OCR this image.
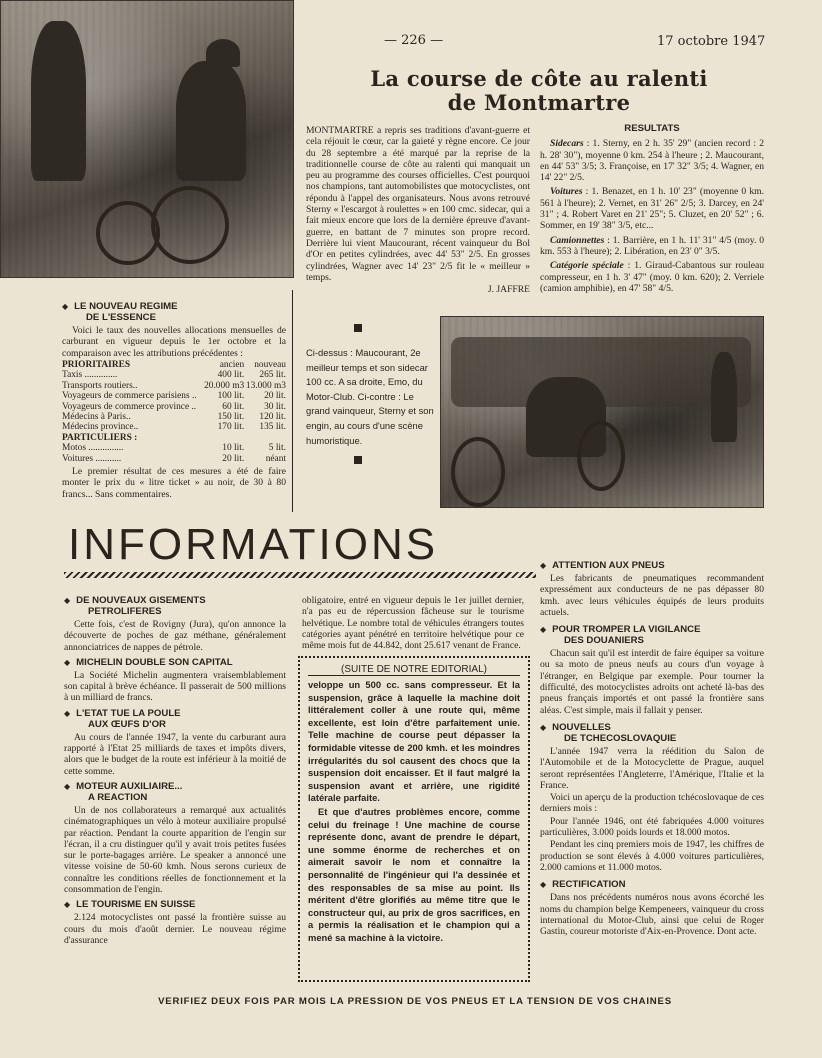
— 226 —	17 octobre 1947
La course de côte au ralenti
de Montmartre

MONTMARTRE a repris ses traditions d'avant-guerre et cela réjouit le cœur, car la gaieté y règne encore. Ce jour du 28 septembre a été marqué par la reprise de la traditionnelle course de côte au ralenti qui manquait un peu au programme des courses officielles. C'est pourquoi nos champions, tant automobilistes que motocyclistes, ont répondu à l'appel des organisateurs. Nous avons retrouvé Sterny « l'escargot à roulettes » en 100 cmc. sidecar, qui a fait mieux encore que lors de la dernière épreuve d'avant-guerre, en battant de 7 minutes son propre record. Derrière lui vient Maucourant, récent vainqueur du Bol d'Or en petites cylindrées, avec 44' 53" 2/5. En grosses cylindrées, Wagner avec 14' 23" 2/5 fit le « meilleur » temps.

J. JAFFRE
RESULTATS

Sidecars : 1. Sterny, en 2 h. 35' 29" (ancien record : 2 h. 28' 30"), moyenne 0 km. 254 à l'heure ; 2. Maucourant, en 44' 53" 3/5; 3. Françoise, en 17' 32" 3/5; 4. Wagner, en 14' 22" 2/5.

Voitures : 1. Benazet, en 1 h. 10' 23" (moyenne 0 km. 561 à l'heure); 2. Vernet, en 31' 26" 2/5; 3. Darcey, en 24' 31" ; 4. Robert Varet en 21' 25"; 5. Cluzet, en 20' 52" ; 6. Sommer, en 19' 38" 3/5, etc...

Camionnettes : 1. Barrière, en 1 h. 11' 31" 4/5 (moy. 0 km. 553 à l'heure); 2. Libération, en 23' 0" 3/5.

Catégorie spéciale : 1. Giraud-Cabantous sur rouleau compresseur, en 1 h. 3' 47" (moy. 0 km. 620); 2. Verriele (camion amphibie), en 47' 58" 4/5.

◆ LE NOUVEAU REGIME
DE L'ESSENCE

Voici le taux des nouvelles allocations mensuelles de carburant en vigueur depuis le 1er octobre et la comparaison avec les attributions précédentes :

PRIORITAIRES	ancien	nouveau
Taxis ..............	400 lit.	265 lit.
Transports routiers..	20.000 m3	13.000 m3
Voyageurs de commerce parisiens ..	100 lit.	20 lit.
Voyageurs de commerce province ..	60 lit.	30 lit.
Médecins à Paris..	150 lit.	120 lit.
Médecins province..	170 lit.	135 lit.
PARTICULIERS :		
Motos ...............	10 lit.	5 lit.
Voitures ...........	20 lit.	néant

Le premier résultat de ces mesures a été de faire monter le prix du « litre ticket » au noir, de 30 à 80 francs... Sans commentaires.

Ci-dessus : Maucourant, 2e meilleur temps et son sidecar 100 cc. A sa droite, Emo, du Motor-Club. Ci-contre : Le grand vainqueur, Sterny et son engin, au cours d'une scène humoristique.
INFORMATIONS
◆ DE NOUVEAUX GISEMENTS
PETROLIFERES

Cette fois, c'est de Rovigny (Jura), qu'on annonce la découverte de poches de gaz méthane, généralement annonciatrices de nappes de pétrole.

◆ MICHELIN DOUBLE SON CAPITAL

La Société Michelin augmentera vraisemblablement son capital à brève échéance. Il passerait de 500 millions à un milliard de francs.

◆ L'ETAT TUE LA POULE
AUX ŒUFS D'OR

Au cours de l'année 1947, la vente du carburant aura rapporté à l'Etat 25 milliards de taxes et impôts divers, alors que le budget de la route est inférieur à la moitié de cette somme.

◆ MOTEUR AUXILIAIRE...
A REACTION

Un de nos collaborateurs a remarqué aux actualités cinématographiques un vélo à moteur auxiliaire propulsé par réaction. Pendant la courte apparition de l'engin sur l'écran, il a cru distinguer qu'il y avait trois petites fusées sur le porte-bagages arrière. Le speaker a annoncé une vitesse voisine de 50-60 kmh. Nous serons curieux de connaître les conditions réelles de fonctionnement et la consommation de l'engin.

◆ LE TOURISME EN SUISSE

2.124 motocyclistes ont passé la frontière suisse au cours du mois d'août dernier. Le nouveau régime d'assurance

obligatoire, entré en vigueur depuis le 1er juillet dernier, n'a pas eu de répercussion fâcheuse sur le tourisme helvétique. Le nombre total de véhicules étrangers toutes catégories ayant pénétré en territoire helvétique pour ce même mois fut de 44.842, dont 25.617 venant de France.

(SUITE DE NOTRE EDITORIAL)

veloppe un 500 cc. sans compresseur. Et la suspension, grâce à laquelle la machine doit littéralement coller à une route qui, même excellente, est loin d'être parfaitement unie. Telle machine de course peut dépasser la formidable vitesse de 200 kmh. et les moindres irrégularités du sol causent des chocs que la suspension doit encaisser. Et il faut malgré la suspension avant et arrière, une rigidité latérale parfaite.

Et que d'autres problèmes encore, comme celui du freinage ! Une machine de course représente donc, avant de prendre le départ, une somme énorme de recherches et on aimerait savoir le nom et connaître la personnalité de l'ingénieur qui l'a dessinée et des responsables de sa mise au point. Ils méritent d'être glorifiés au même titre que le constructeur qui, au prix de gros sacrifices, en a permis la réalisation et le champion qui a mené sa machine à la victoire.

◆ ATTENTION AUX PNEUS

Les fabricants de pneumatiques recommandent expressément aux conducteurs de ne pas dépasser 80 kmh. avec leurs véhicules équipés de leurs produits actuels.

◆ POUR TROMPER LA VIGILANCE
DES DOUANIERS

Chacun sait qu'il est interdit de faire équiper sa voiture ou sa moto de pneus neufs au cours d'un voyage à l'étranger, en Belgique par exemple. Pour tourner la difficulté, des motocyclistes adroits ont acheté là-bas des pneus français importés et ont passé la frontière sans aléas. C'est simple, mais il fallait y penser.

◆ NOUVELLES
DE TCHECOSLOVAQUIE

L'année 1947 verra la réédition du Salon de l'Automobile et de la Motocyclette de Prague, auquel seront représentées l'Angleterre, l'Amérique, l'Italie et la France.

Voici un aperçu de la production tchécoslovaque de ces derniers mois :

Pour l'année 1946, ont été fabriquées 4.000 voitures particulières, 3.000 poids lourds et 18.000 motos.

Pendant les cinq premiers mois de 1947, les chiffres de production se sont élevés à 4.000 voitures particulières, 2.000 camions et 11.000 motos.

◆ RECTIFICATION

Dans nos précédents numéros nous avons écorché les noms du champion belge Kempeneers, vainqueur du cross international du Motor-Club, ainsi que celui de Roger Gastin, coureur motoriste d'Aix-en-Provence. Dont acte.

VERIFIEZ DEUX FOIS PAR MOIS LA PRESSION DE VOS PNEUS ET LA TENSION DE VOS CHAINES
